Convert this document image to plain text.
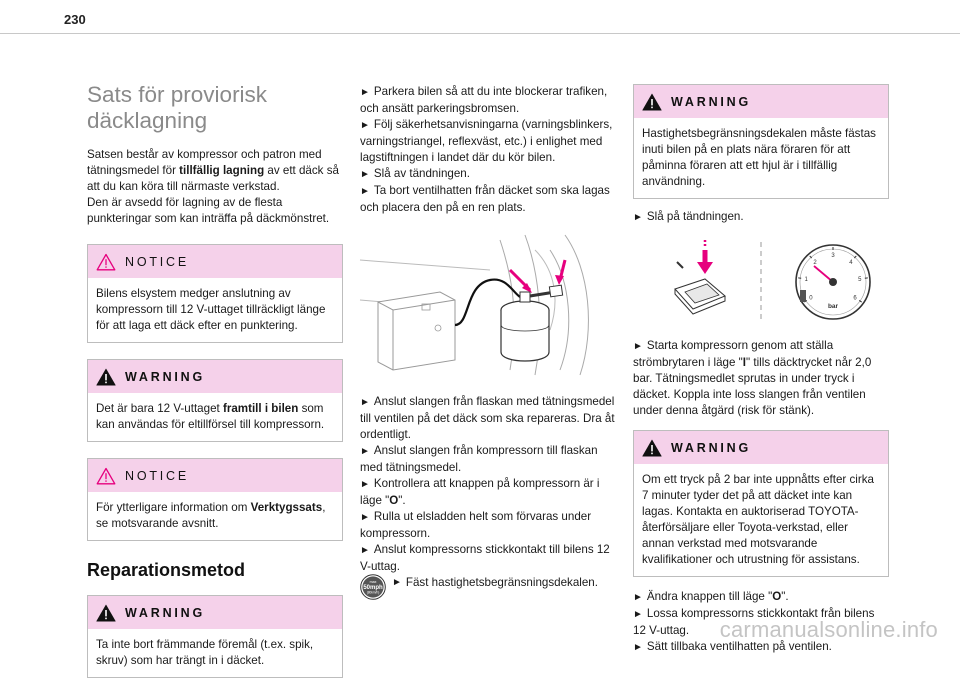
230
Sats för proviorisk
däcklagning

Satsen består av kompressor och patron med tätningsmedel för tillfällig lagning av ett däck så att du kan köra till närmaste verkstad.

Den är avsedd för lagning av de flesta punkteringar som kan inträffa på däckmönstret.

NOTICE
Bilens elsystem medger anslutning av kompressorn till 12 V-uttaget tillräckligt länge för att laga ett däck efter en punktering.
WARNING
Det är bara 12 V-uttaget framtill i bilen som kan användas för eltillförsel till kompressorn.
NOTICE
För ytterligare information om Verktygssats, se motsvarande avsnitt.
Reparationsmetod
WARNING
Ta inte bort främmande föremål (t.ex. spik, skruv) som har trängt in i däcket.

► Parkera bilen så att du inte blockerar trafiken, och ansätt parkeringsbromsen.

► Följ säkerhetsanvisningarna (varningsblinkers, varningstriangel, reflexväst, etc.) i enlighet med lagstiftningen i landet där du kör bilen.

► Slå av tändningen.

► Ta bort ventilhatten från däcket som ska lagas och placera den på en ren plats.

► Anslut slangen från flaskan med tätningsmedel till ventilen på det däck som ska repareras. Dra åt ordentligt.

► Anslut slangen från kompressorn till flaskan med tätningsmedel.

► Kontrollera att knappen på kompressorn är i läge "O".

► Rulla ut elsladden helt som förvaras under kompressorn.

► Anslut kompressorns stickkontakt till bilens 12 V-uttag.

max
50mph
(80km/h)
► Fäst hastighetsbegränsningsdekalen.
WARNING
Hastighetsbegränsningsdekalen måste fästas inuti bilen på en plats nära föraren för att påminna föraren att ett hjul är i tillfällig användning.

► Slå på tändningen.

0
1
2
3
4
5
6
bar

► Starta kompressorn genom att ställa strömbrytaren i läge "I" tills däcktrycket når 2,0 bar. Tätningsmedlet sprutas in under tryck i däcket. Koppla inte loss slangen från ventilen under denna åtgärd (risk för stänk).

WARNING
Om ett tryck på 2 bar inte uppnåtts efter cirka 7 minuter tyder det på att däcket inte kan lagas. Kontakta en auktoriserad TOYOTA-återförsäljare eller Toyota-verkstad, eller annan verkstad med motsvarande kvalifikationer och utrustning för assistans.

► Ändra knappen till läge "O".

► Lossa kompressorns stickkontakt från bilens 12 V-uttag.

► Sätt tillbaka ventilhatten på ventilen.

carmanualsonline.info
